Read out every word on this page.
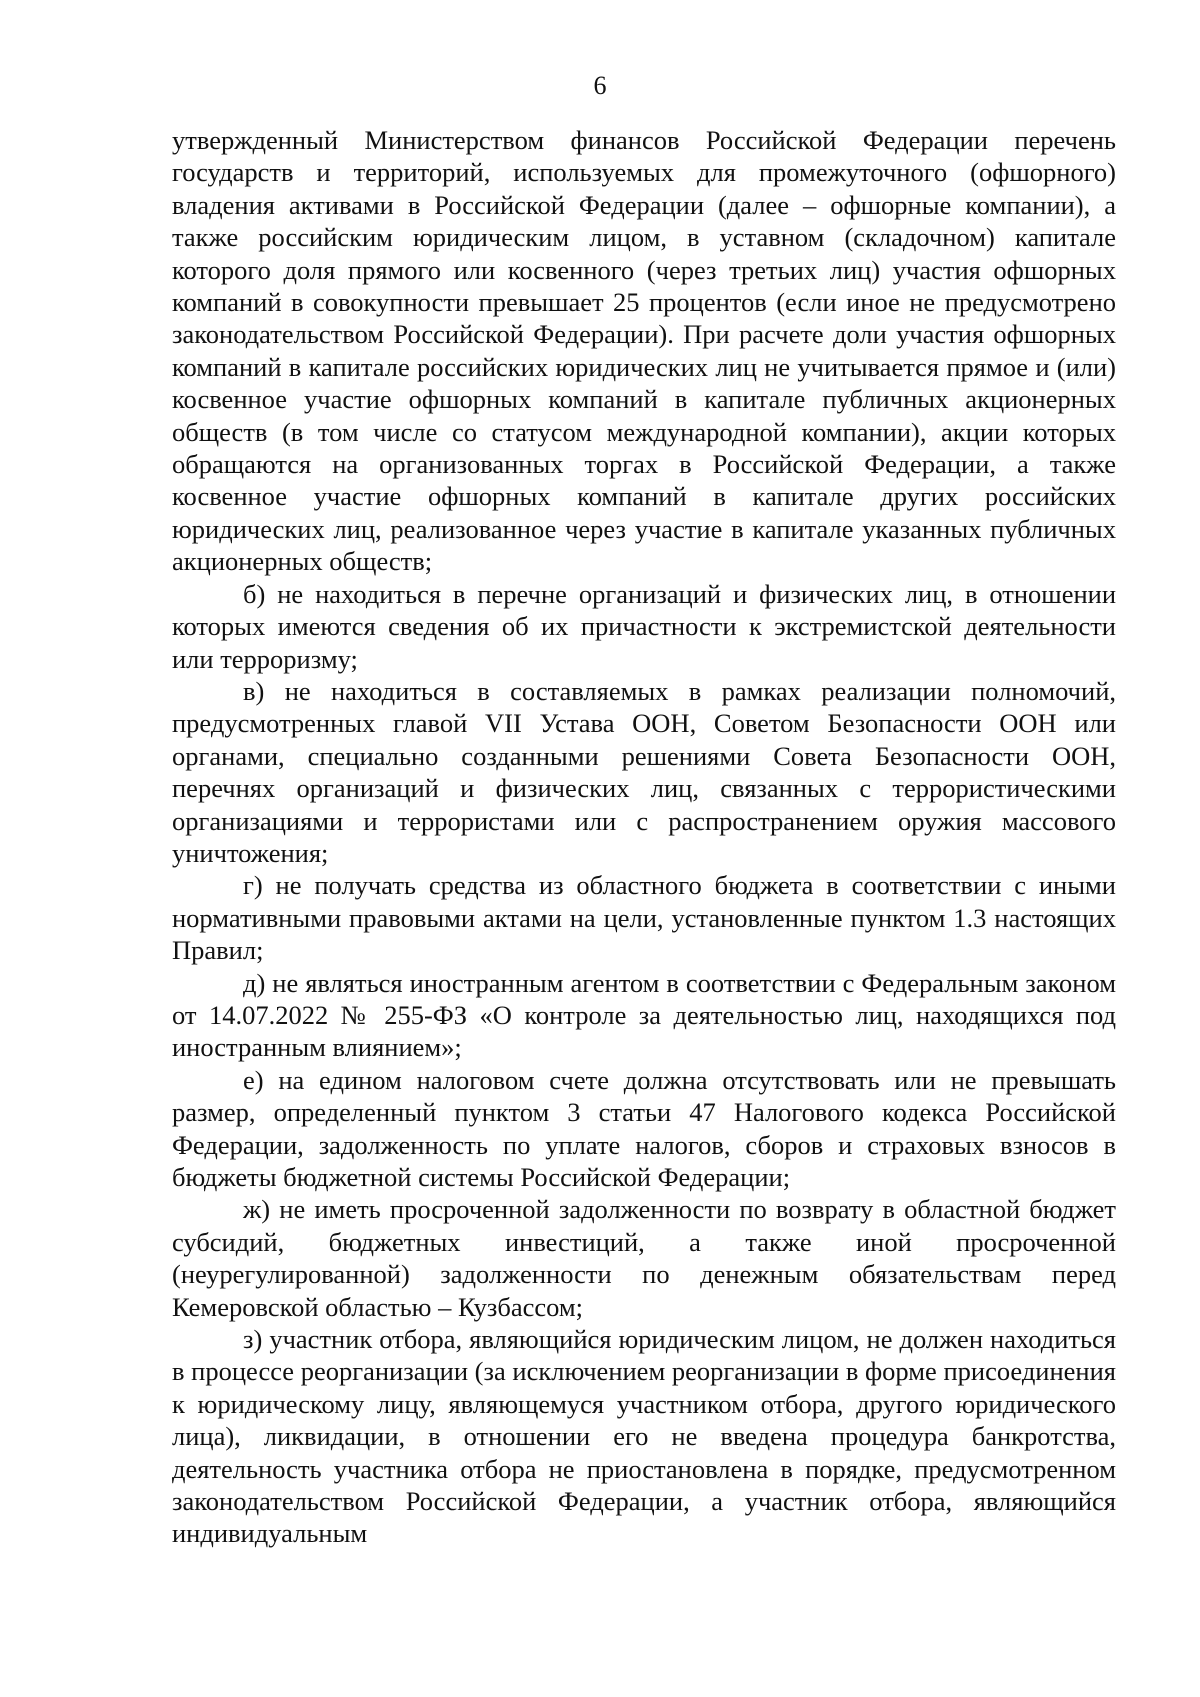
6

утвержденный Министерством финансов Российской Федерации перечень государств и территорий, используемых для промежуточного (офшорного) владения активами в Российской Федерации (далее – офшорные компании), а также российским юридическим лицом, в уставном (складочном) капитале которого доля прямого или косвенного (через третьих лиц) участия офшорных компаний в совокупности превышает 25 процентов (если иное не предусмотрено законодательством Российской Федерации). При расчете доли участия офшорных компаний в капитале российских юридических лиц не учитывается прямое и (или) косвенное участие офшорных компаний в капитале публичных акционерных обществ (в том числе со статусом международной компании), акции которых обращаются на организованных торгах в Российской Федерации, а также косвенное участие офшорных компаний в капитале других российских юридических лиц, реализованное через участие в капитале указанных публичных акционерных обществ;

б) не находиться в перечне организаций и физических лиц, в отношении которых имеются сведения об их причастности к экстремистской деятельности или терроризму;

в) не находиться в составляемых в рамках реализации полномочий, предусмотренных главой VII Устава ООН, Советом Безопасности ООН или органами, специально созданными решениями Совета Безопасности ООН, перечнях организаций и физических лиц, связанных с террористическими организациями и террористами или с распространением оружия массового уничтожения;

г) не получать средства из областного бюджета в соответствии с иными нормативными правовыми актами на цели, установленные пунктом 1.3 настоящих Правил;

д) не являться иностранным агентом в соответствии с Федеральным законом от 14.07.2022 № 255-ФЗ «О контроле за деятельностью лиц, находящихся под иностранным влиянием»;

е) на едином налоговом счете должна отсутствовать или не превышать размер, определенный пунктом 3 статьи 47 Налогового кодекса Российской Федерации, задолженность по уплате налогов, сборов и страховых взносов в бюджеты бюджетной системы Российской Федерации;

ж) не иметь просроченной задолженности по возврату в областной бюджет субсидий, бюджетных инвестиций, а также иной просроченной (неурегулированной) задолженности по денежным обязательствам перед Кемеровской областью – Кузбассом;

з) участник отбора, являющийся юридическим лицом, не должен находиться в процессе реорганизации (за исключением реорганизации в форме присоединения к юридическому лицу, являющемуся участником отбора, другого юридического лица), ликвидации, в отношении его не введена процедура банкротства, деятельность участника отбора не приостановлена в порядке, предусмотренном законодательством Российской Федерации, а участник отбора, являющийся индивидуальным
